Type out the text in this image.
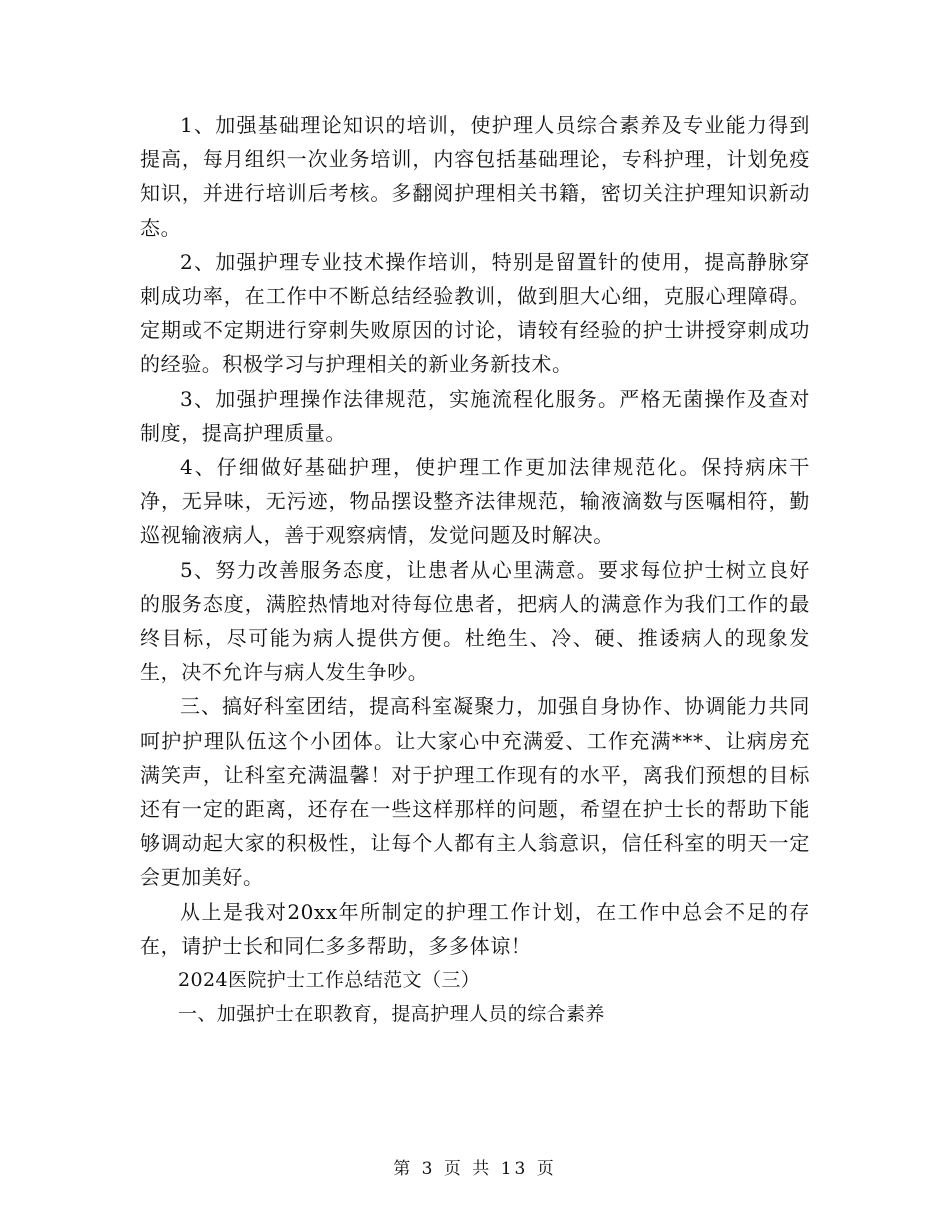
1、加强基础理论知识的培训，使护理人员综合素养及专业能力得到提高，每月组织一次业务培训，内容包括基础理论，专科护理，计划免疫知识，并进行培训后考核。多翻阅护理相关书籍，密切关注护理知识新动态。

2、加强护理专业技术操作培训，特别是留置针的使用，提高静脉穿刺成功率，在工作中不断总结经验教训，做到胆大心细，克服心理障碍。定期或不定期进行穿刺失败原因的讨论，请较有经验的护士讲授穿刺成功的经验。积极学习与护理相关的新业务新技术。

3、加强护理操作法律规范，实施流程化服务。严格无菌操作及查对制度，提高护理质量。

4、仔细做好基础护理，使护理工作更加法律规范化。保持病床干净，无异味，无污迹，物品摆设整齐法律规范，输液滴数与医嘱相符，勤巡视输液病人，善于观察病情，发觉问题及时解决。

5、努力改善服务态度，让患者从心里满意。要求每位护士树立良好的服务态度，满腔热情地对待每位患者，把病人的满意作为我们工作的最终目标，尽可能为病人提供方便。杜绝生、冷、硬、推诿病人的现象发生，决不允许与病人发生争吵。

三、搞好科室团结，提高科室凝聚力，加强自身协作、协调能力共同呵护护理队伍这个小团体。让大家心中充满爱、工作充满***、让病房充满笑声，让科室充满温馨！对于护理工作现有的水平，离我们预想的目标还有一定的距离，还存在一些这样那样的问题，希望在护士长的帮助下能够调动起大家的积极性，让每个人都有主人翁意识，信任科室的明天一定会更加美好。

从上是我对20xx年所制定的护理工作计划，在工作中总会不足的存在，请护士长和同仁多多帮助，多多体谅！

2024医院护士工作总结范文（三）

一、加强护士在职教育，提高护理人员的综合素养

第 3 页 共 13 页
